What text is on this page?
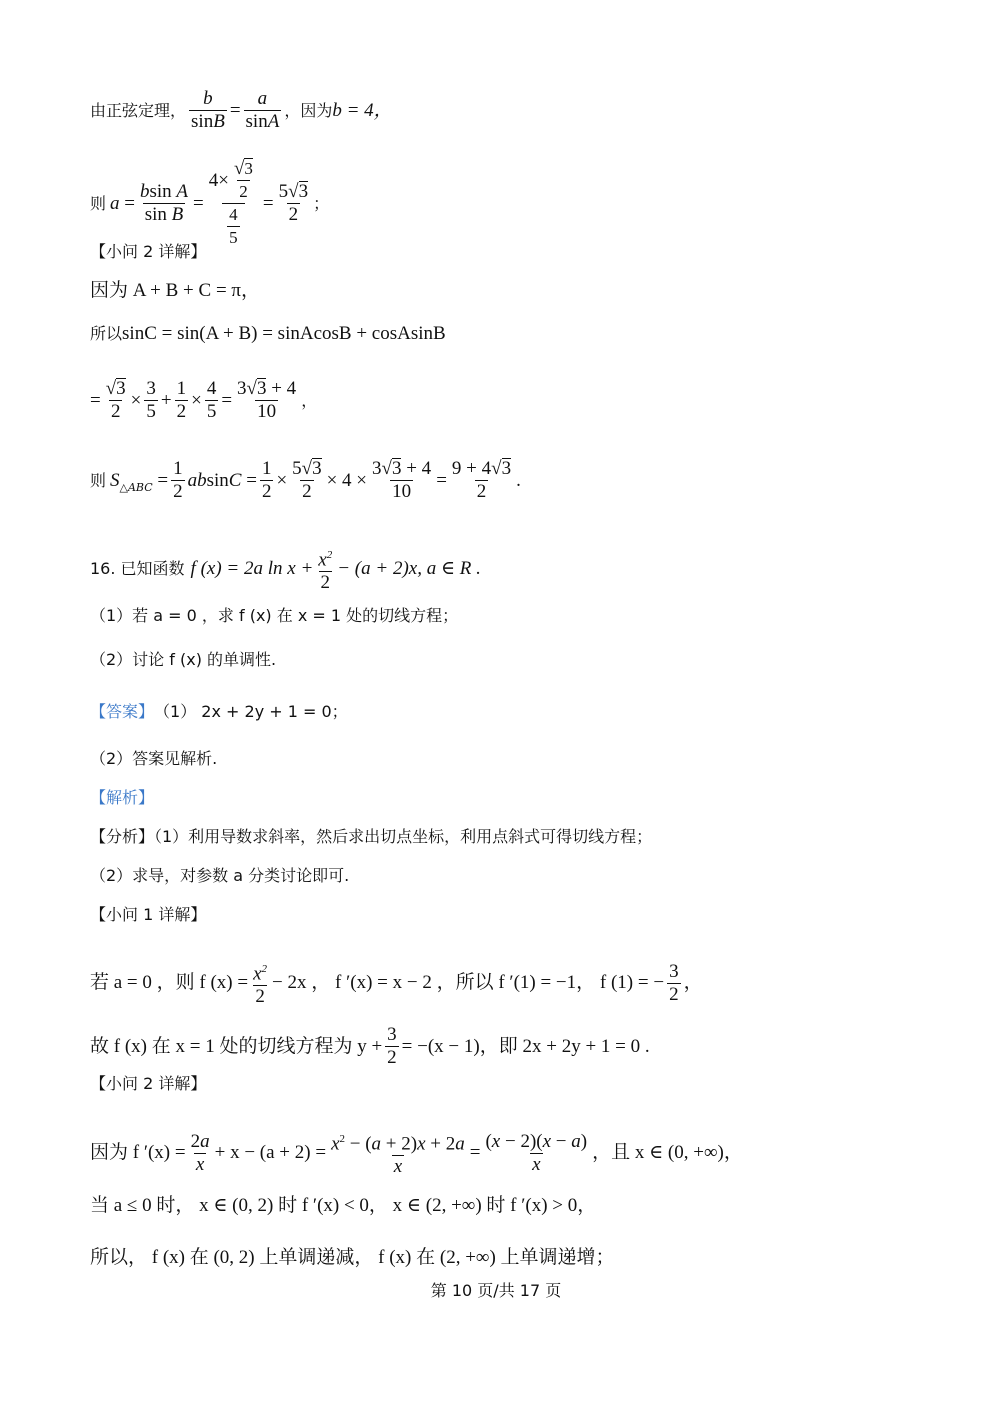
由正弦定理， $\frac{b}{\sin B} = \frac{a}{\sin A}$ ，因为 b = 4，
则 $a = \frac{\text{bsin A}}{\text{sin B}} = \frac{4\times \frac{√ 3}{2}}{\frac{4}{5}} = \frac{5 √ 3}{2}$ ；
【小问 2 详解】
因为 A + B + C = π，
所以 sinC = sin(A + B) = sinAcosB + cosAsinB
= $\frac{√ 3}{2} \times \frac{3}{5} + \frac{1}{2} \times \frac{4}{5} = \frac{3 √ 3 + 4}{10}$ ，
则 S △ABC = $\frac{1}{2}$ $absinC = \frac{1}{2} \times \frac{5 √ 3}{2} \times 4 \times \frac{3 √ 3 + 4}{10} = \frac{9 + 4 √ 3}{2}$ .
16. 已知函数 f (x) = 2a $\ln x + \frac{x^2}{2} - (a + 2)x$, a ∈ R .
（1）若 a = 0 ，求 f (x) 在 x = 1 处的切线方程；
（2）讨论 f (x) 的单调性.
【答案】 （1） 2x + 2y + 1 = 0；
（2）答案见解析.
【解析】
【分析】（1）利用导数求斜率，然后求出切点坐标，利用点斜式可得切线方程；
（2）求导，对参数 a 分类讨论即可.
【小问 1 详解】
若 a = 0 ，则 f $(x) = \frac{x^2}{2} - 2x$ ， f ′(x) = x − 2 ，所以 f ′(1) = −1， f (1) = − $\frac{3}{2}$ ，
故 f (x) 在 x = 1 处的切线方程为 $y + \frac{3}{2} = -(x - 1)$，即 2x + 2y + 1 = 0 .
【小问 2 详解】
因为 f $'(x) = \frac{2a}{x} + x - (a + 2) = \frac{x^2 - (a + 2)x + 2a}{x} = \frac{(x - 2)(x - a)}{x}$ ，且 x ∈ (0, +∞)，
当 a ≤ 0 时， x ∈ (0, 2) 时 f ′(x) < 0， x ∈ (2, +∞) 时 f ′(x) > 0，
所以， f (x) 在 (0, 2) 上单调递减， f (x) 在 (2, +∞) 上单调递增；
第 10 页/共 17 页
